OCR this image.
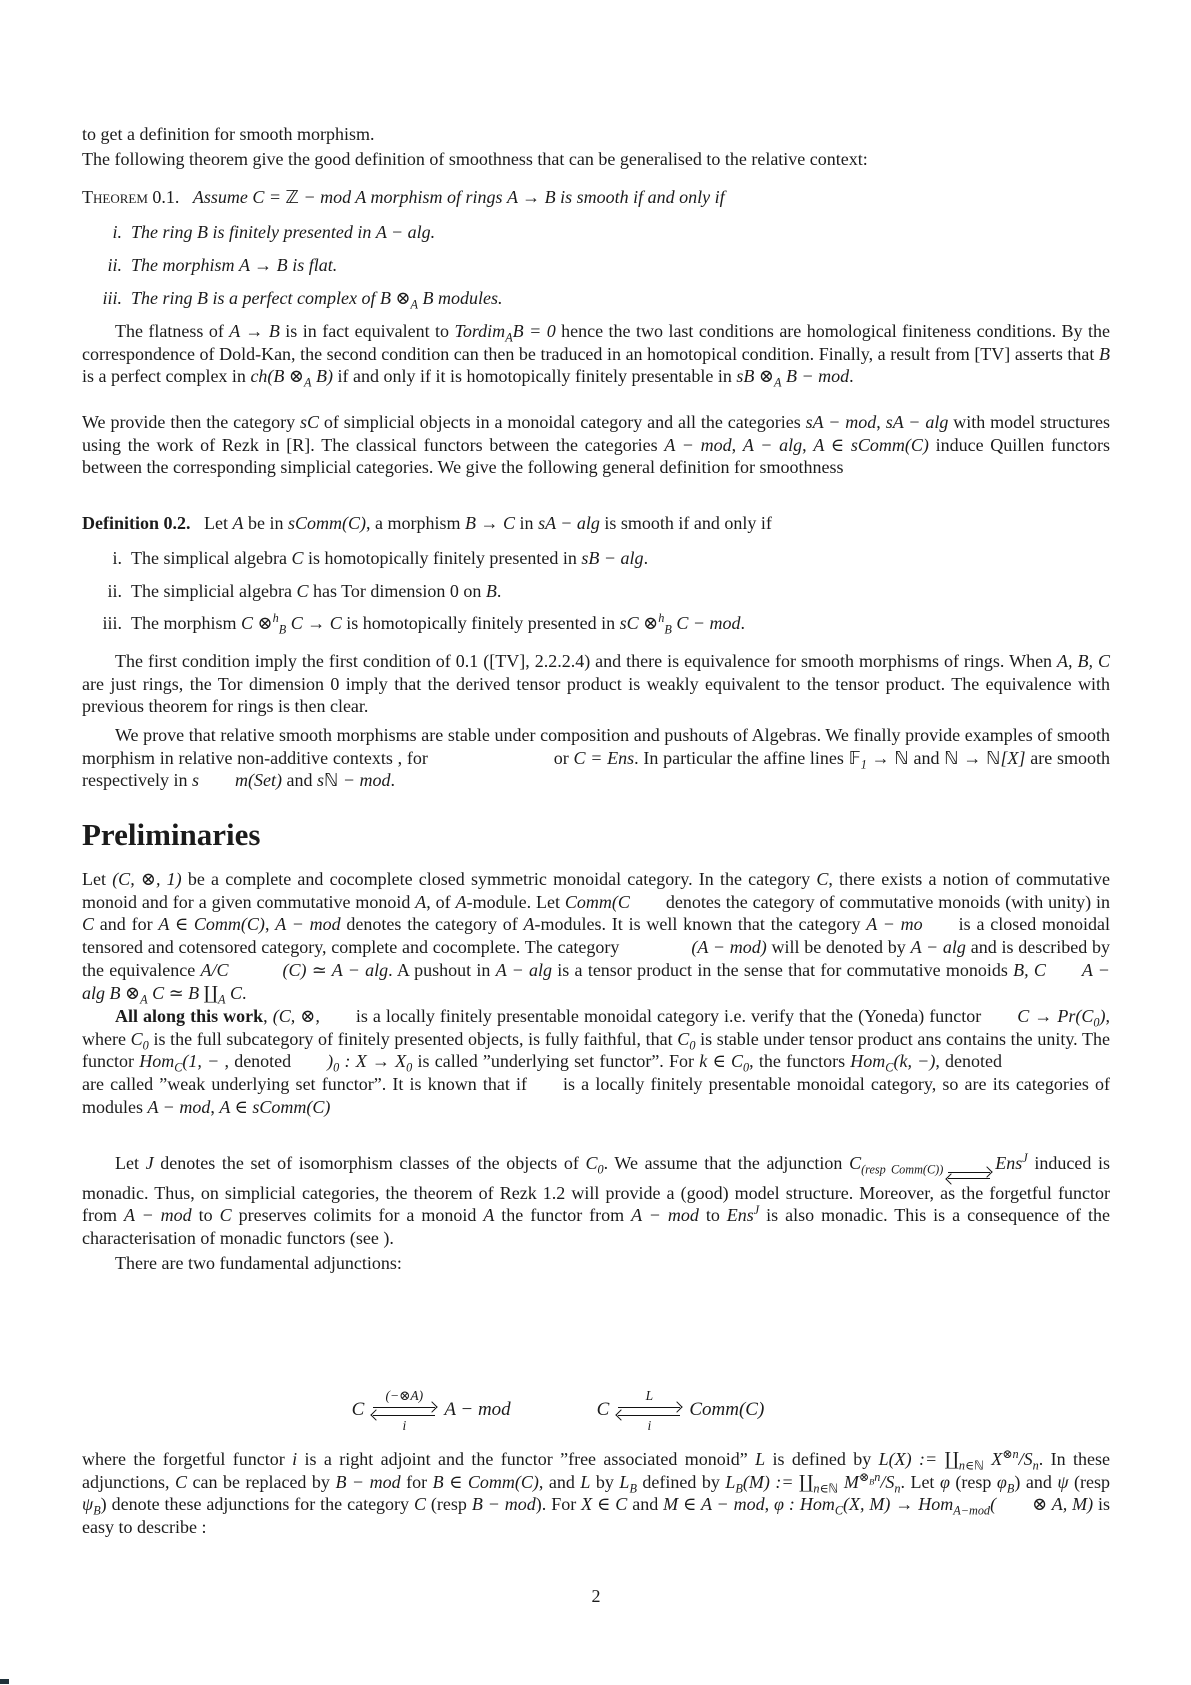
to get a definition for smooth morphism.
The following theorem give the good definition of smoothness that can be generalised to the relative context:
Theorem 0.1. Assume C = ℤ − mod A morphism of rings A → B is smooth if and only if
i. The ring B is finitely presented in A − alg.
ii. The morphism A → B is flat.
iii. The ring B is a perfect complex of B $\otimes_A$ B modules.
The flatness of A → B is in fact equivalent to Tordim$_A$B = 0 hence the two last conditions are homological finiteness conditions. By the correspondence of Dold-Kan, the second condition can then be traduced in an homotopical condition. Finally, a result from [TV] asserts that B is a perfect complex in ch(B $\otimes_A$ B) if and only if it is homotopically finitely presentable in sB $\otimes_A$ B − mod.
We provide then the category sC of simplicial objects in a monoidal category and all the categories sA − mod, sA − alg with model structures using the work of Rezk in [R]. The classical functors between the categories A − mod, A − alg, A ∈ sComm(C) induce Quillen functors between the corresponding simplicial categories. We give the following general definition for smoothness
Definition 0.2. Let A be in sComm(C), a morphism B → C in sA − alg is smooth if and only if
i. The simplical algebra C is homotopically finitely presented in sB − alg.
ii. The simplicial algebra C has Tor dimension 0 on B.
iii. The morphism C ⊗$^h_B$ C → C is homotopically finitely presented in sC ⊗$^h_B$ C − mod.
The first condition imply the first condition of 0.1 ([TV], 2.2.2.4) and there is equivalence for smooth morphisms of rings. When A, B, C are just rings, the Tor dimension 0 imply that the derived tensor product is weakly equivalent to the tensor product. The equivalence with previous theorem for rings is then clear.
We prove that relative smooth morphisms are stable under composition and pushouts of Algebras. We finally provide examples of smooth morphism in relative non-additive contexts , for       or C = Ens. In particular the affine lines 𝔽$_1$ → ℕ and ℕ → ℕ[X] are smooth respectively in s   m(Set) and sℕ − mod.
Preliminaries
Let (C, ⊗, 1) be a complete and cocomplete closed symmetric monoidal category. In the category C, there exists a notion of commutative monoid and for a given commutative monoid A, of A-module. Let Comm(C  denotes the category of commutative monoids (with unity) in C and for A ∈ Comm(C), A − mod denotes the category of A-modules. It is well known that the category A − mo  is a closed monoidal tensored and cotensored category, complete and cocomplete. The category    (A − mod) will be denoted by A − alg and is described by the equivalence A/C   	(C) ≃ A − alg. A pushout in A − alg is a tensor product in the sense that for commutative monoids B, C   A − alg B $\otimes_A$ C ≃ B $∐_A$ C.
All along this work, (C, ⊗,  is a locally finitely presentable monoidal category i.e. verify that the (Yoneda) functor  $C \to Pr(C_0)$, where $C_0$ is the full subcategory of finitely presented objects, is fully faithful, that $C_0$ is stable under tensor product ans contains the unity. The functor Hom$_C$(1, − , denoted  )$_0$ : $X \to X_0$ is called ”underlying set functor”. For k ∈ $C_0$, the functors Hom$_C$(k, −), denoted      are called ”weak underlying set functor”. It is known that if  is a locally finitely presentable monoidal category, so are its categories of modules A − mod, A ∈ sComm(C)
Let J denotes the set of isomorphism classes of the objects of $C_0$. We assume that the adjunction $C_{(resp Comm(C))}$	Ens$^J$ induced is monadic. Thus, on simplicial categories, the theorem of Rezk 1.2 will provide a (good) model structure. Moreover, as the forgetful functor from A − mod to C preserves colimits for a monoid A the functor from A − mod to Ens$^J$ is also monadic. This is a consequence of the characterisation of monadic functors (see ).
There are two fundamental adjunctions:
C
(−⊗A)
i
A − mod	C
L
i
Comm(C)
where the forgetful functor i is a right adjoint and the functor ”free associated monoid” L is defined by L(X) := $∐_{n\in ℕ}$ $X^{\otimes n}/S_n$. In these adjunctions, C can be replaced by B − mod for B ∈ Comm(C), and L by $L_B$ defined by $L_B(M)$ := $∐_{n\in ℕ}$ $M^{\otimes_Bn}/S_n$. Let φ (resp $\varphi_B$) and ψ (resp $\psi_B$) denote these adjunctions for the category C (resp B − mod). For X ∈ C and M ∈ A − mod, φ : Hom$_C$(X, M) → Hom$_{A-mod}$(   ⊗ A, M) is easy to describe :
2
